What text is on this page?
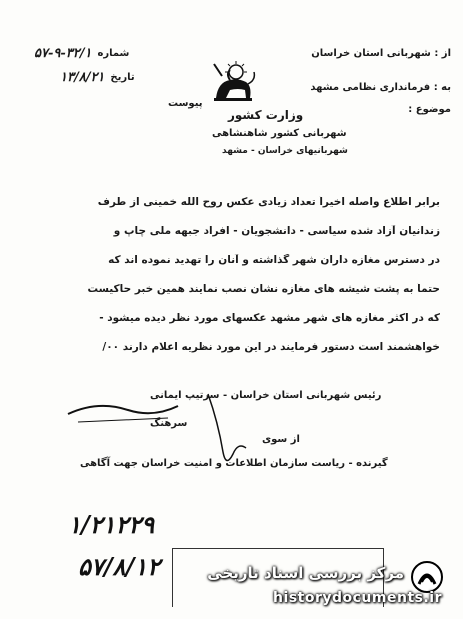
از : شهربانی استان خراسان
به : فرمانداری نظامی مشهد
موضوع :
وزارت کشور
شهربانی کشور شاهنشاهی
شهربانیهای خراسان - مشهد
۵۷-۹-۳۲/۱ شماره
۱۳/۸/۲۱ تاریخ
پیوست
برابر اطلاع واصله اخیراً تعداد زیادی عکس روح الله خمینی از طرف
زندانیان آزاد شده سیاسی - دانشجویان - افراد جبهه ملی چاپ و
در دسترس مغازه داران شهر گذاشته و آنان را تهدید نموده اند که
حتماً به پشت شیشه های مغازه نشان نصب نمایند همین خبر حاکیست
که در اکثر مغازه های شهر مشهد عکسهای مورد نظر دیده میشود -
خواهشمند است دستور فرمایند در این مورد نظریه اعلام دارند ۰۰/
رئیس شهربانی استان خراسان - سرتیپ ایمانی
سرهنگ
از سوی
گیرنده - ریاست سازمان اطلاعات و امنیت خراسان جهت آگاهی
۱/۲۱۲۲۹
۵۷/۸/۱۲	مرکز بررسی اسناد تاریخی
historydocuments.ir
